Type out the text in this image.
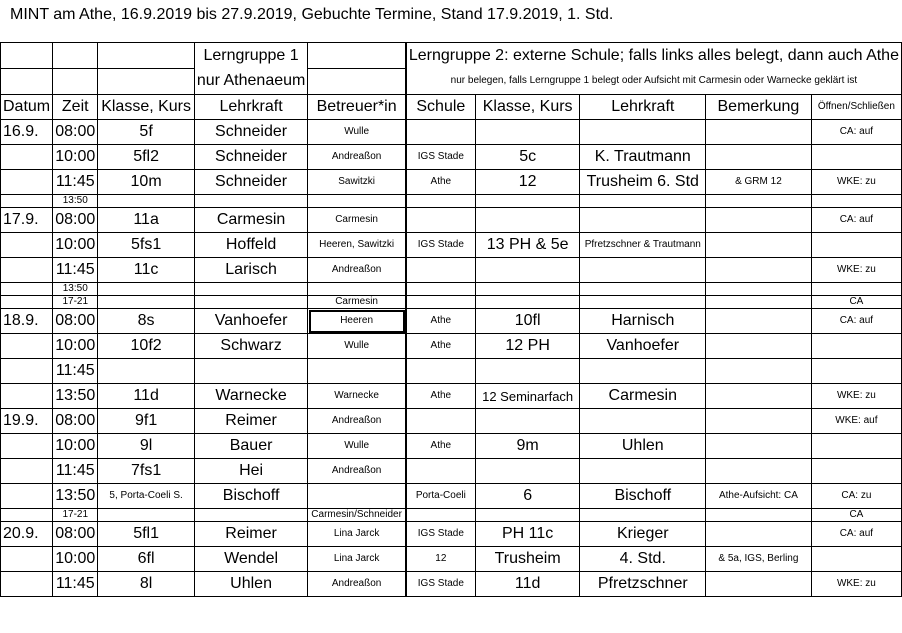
MINT am Athe, 16.9.2019 bis 27.9.2019, Gebuchte Termine, Stand 17.9.2019, 1. Std.
			Lerngruppe 1		Lerngruppe 2: externe Schule; falls links alles belegt, dann auch Athe				
			nur Athenaeum		nur belegen, falls Lerngruppe 1 belegt oder Aufsicht mit Carmesin oder Warnecke geklärt ist				
Datum	Zeit	Klasse, Kurs	Lehrkraft	Betreuer*in	Schule	Klasse, Kurs	Lehrkraft	Bemerkung	Öffnen/Schließen
16.9.	08:00	5f	Schneider	Wulle					CA: auf
	10:00	5fl2	Schneider	Andreaßon	IGS Stade	5c	K. Trautmann		
	11:45	10m	Schneider	Sawitzki	Athe	12	Trusheim 6. Std	& GRM 12	WKE: zu
	13:50								
17.9.	08:00	11a	Carmesin	Carmesin					CA: auf
	10:00	5fs1	Hoffeld	Heeren, Sawitzki	IGS Stade	13 PH & 5e	Pfretzschner & Trautmann		
	11:45	11c	Larisch	Andreaßon					WKE: zu
	13:50								
	17-21			Carmesin					CA
18.9.	08:00	8s	Vanhoefer	Heeren	Athe	10fl	Harnisch		CA: auf
	10:00	10f2	Schwarz	Wulle	Athe	12 PH	Vanhoefer		
	11:45								
	13:50	11d	Warnecke	Warnecke	Athe	12 Seminarfach	Carmesin		WKE: zu
19.9.	08:00	9f1	Reimer	Andreaßon					WKE: auf
	10:00	9l	Bauer	Wulle	Athe	9m	Uhlen		
	11:45	7fs1	Hei	Andreaßon					
	13:50	5, Porta-Coeli S.	Bischoff		Porta-Coeli	6	Bischoff	Athe-Aufsicht: CA	CA: zu
	17-21			Carmesin/Schneider					CA
20.9.	08:00	5fl1	Reimer	Lina Jarck	IGS Stade	PH 11c	Krieger		CA: auf
	10:00	6fl	Wendel	Lina Jarck	12	Trusheim	4. Std.	& 5a, IGS, Berling	
	11:45	8l	Uhlen	Andreaßon	IGS Stade	11d	Pfretzschner		WKE: zu
